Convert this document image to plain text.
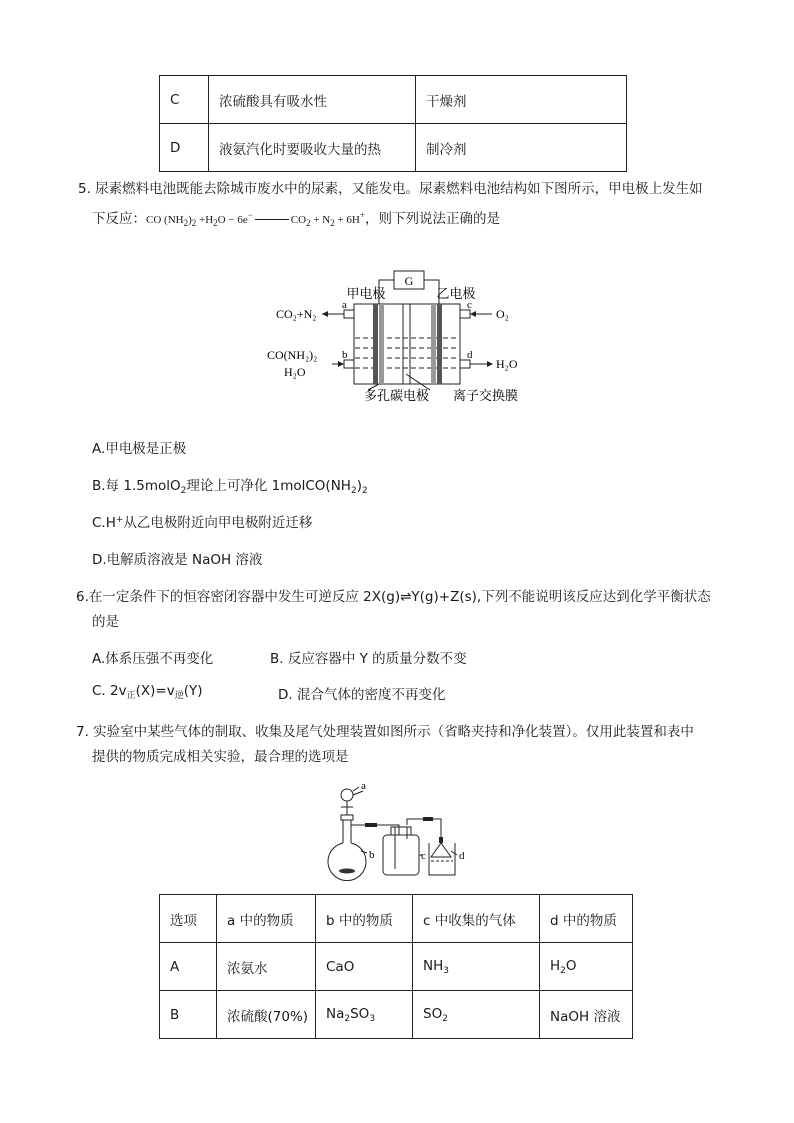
C	浓硫酸具有吸水性	干燥剂
D	液氨汽化时要吸收大量的热	制冷剂
5. 尿素燃料电池既能去除城市废水中的尿素，又能发电。尿素燃料电池结构如下图所示，甲电极上发生如
下反应：CO $(NH_2)_2 +H_2O - 6e^-$	$CO_2 + N_2 + 6H^+$，则下列说法正确的是
G
甲电极	乙电极
a
b
c
d
CO₂+N₂	O₂
CO(NH₂)₂
H₂O
H₂O
多孔碳电极 离子交换膜
A.甲电极是正极
B.每 1.5molO$_2$理论上可净化 $1molCO(NH_2)_2$
C.H+从乙电极附近向甲电极附近迁移
D.电解质溶液是 NaOH 溶液
6.在一定条件下的恒容密闭容器中发生可逆反应 2X(g)⇌Y(g)+Z(s),下列不能说明该反应达到化学平衡状态
的是
A.体系压强不再变化	B. 反应容器中 Y 的质量分数不变
C. $2v_正(X)=v_逆(Y)$	D. 混合气体的密度不再变化
7. 实验室中某些气体的制取、收集及尾气处理装置如图所示（省略夹持和净化装置）。仅用此装置和表中
提供的物质完成相关实验，最合理的选项是
a
b	c	d
选项	a 中的物质	b 中的物质	c 中收集的气体	d 中的物质
A	浓氨水	CaO	$NH_3$	$H_2O$
B	浓硫酸(70%)	$Na_2SO_3$	$SO_2$	NaOH 溶液
